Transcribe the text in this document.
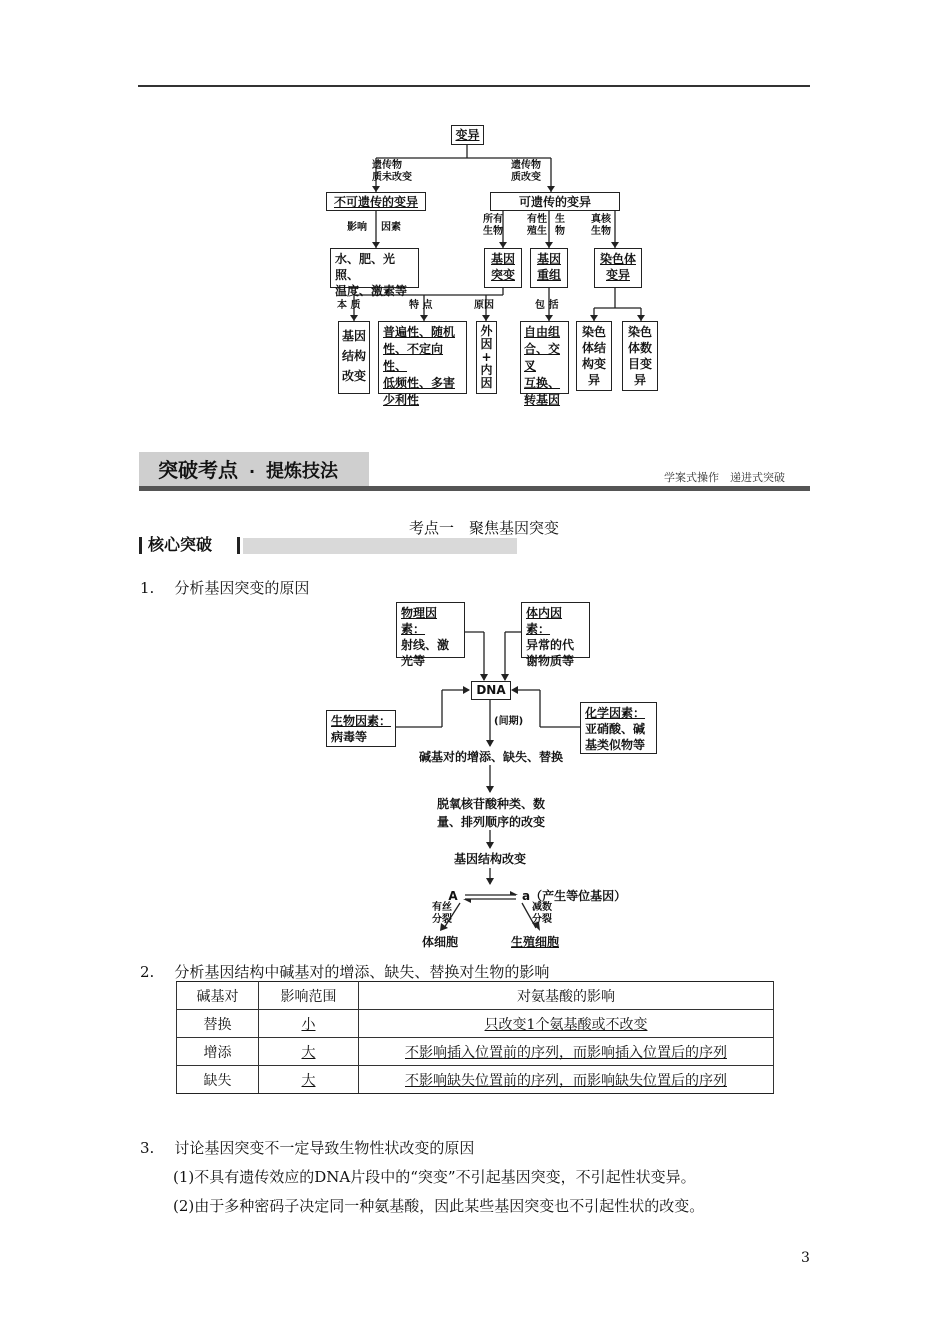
变异
遗传物
质未改变
遗传物
质改变
不可遗传的变异	可遗传的变异
影响 因素
所有
生物
有性
殖生
生
物
真核
生物
水、肥、光照、
温度、激素等
基因
突变
基因
重组
染色体
变异
本 质	特 点	原因	包 括
基因
结构
改变
普遍性、随机
性、不定向性、
低频性、多害
少利性
外
因
+
内
因
自由组
合、交叉
互换、
转基因
染色
体结
构变
异
染色
体数
目变
异
突破考点 · 提炼技法	学案式操作　递进式突破
核心突破
考点一　聚焦基因突变
1. 分析基因突变的原因
物理因素：
射线、激
光等
体内因素：
异常的代
谢物质等
DNA
生物因素：
病毒等
化学因素：
亚硝酸、碱
基类似物等
(间期)
碱基对的增添、缺失、替换
脱氧核苷酸种类、数
量、排列顺序的改变
基因结构改变
A	a（产生等位基因）
有丝
分裂
减数
分裂
体细胞	生殖细胞
2. 分析基因结构中碱基对的增添、缺失、替换对生物的影响
碱基对	影响范围	对氨基酸的影响
替换	小	只改变1个氨基酸或不改变
增添	大	不影响插入位置前的序列，而影响插入位置后的序列
缺失	大	不影响缺失位置前的序列，而影响缺失位置后的序列
3. 讨论基因突变不一定导致生物性状改变的原因
(1)不具有遗传效应的DNA片段中的“突变”不引起基因突变，不引起性状变异。
(2)由于多种密码子决定同一种氨基酸，因此某些基因突变也不引起性状的改变。
3
